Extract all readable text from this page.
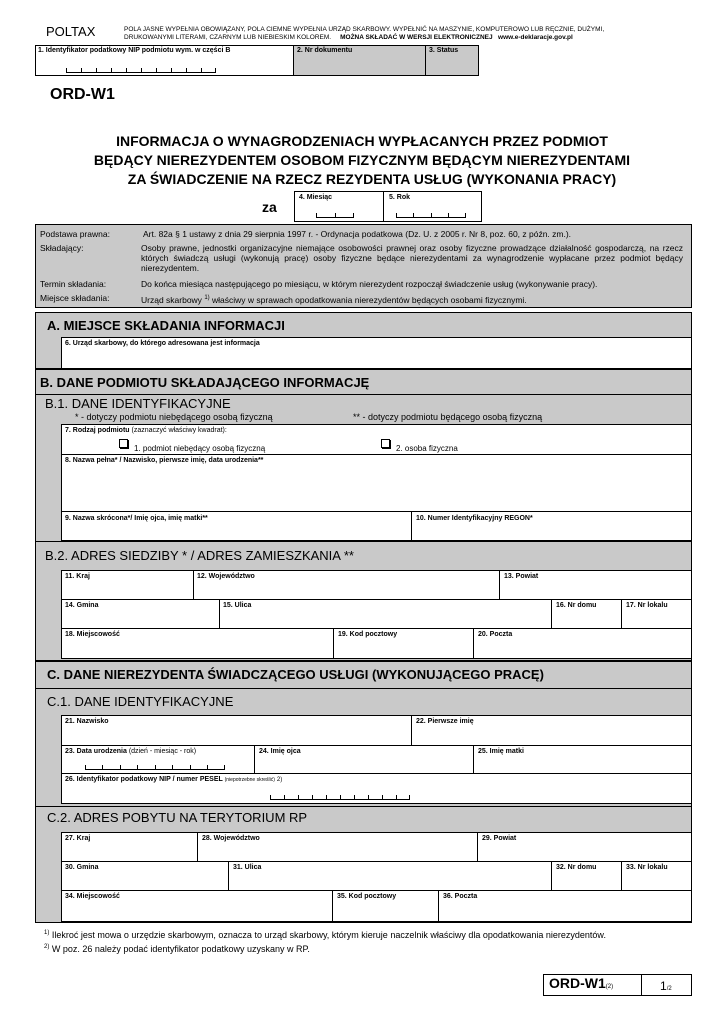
POLTAX	POLA JASNE WYPEŁNIA OBOWIĄZANY, POLA CIEMNE WYPEŁNIA URZĄD SKARBOWY. WYPEŁNIĆ NA MASZYNIE, KOMPUTEROWO LUB RĘCZNIE, DUŻYMI,
DRUKOWANYMI LITERAMI, CZARNYM LUB NIEBIESKIM KOLOREM. MOŻNA SKŁADAĆ W WERSJI ELEKTRONICZNEJ www.e-deklaracje.gov.pl
1. Identyfikator podatkowy NIP podmiotu wym. w części B	2. Nr dokumentu	3. Status
ORD-W1
INFORMACJA O WYNAGRODZENIACH WYPŁACANYCH PRZEZ PODMIOT
BĘDĄCY NIEREZYDENTEM OSOBOM FIZYCZNYM BĘDĄCYM NIEREZYDENTAMI
ZA ŚWIADCZENIE NA RZECZ REZYDENTA USŁUG (WYKONANIA PRACY)
za
4. Miesiąc	5. Rok
Podstawa prawna:	Art. 82a § 1 ustawy z dnia 29 sierpnia 1997 r. - Ordynacja podatkowa (Dz. U. z 2005 r. Nr 8, poz. 60, z późn. zm.).
Składający:	Osoby prawne, jednostki organizacyjne niemające osobowości prawnej oraz osoby fizyczne prowadzące działalność gospodarczą, na rzecz których świadczą usługi (wykonują pracę) osoby fizyczne będące nierezydentami za wynagrodzenie wypłacane przez podmiot będący nierezydentem.
Termin składania:	Do końca miesiąca następującego po miesiącu, w którym nierezydent rozpoczął świadczenie usług (wykonywanie pracy).
Miejsce składania:	Urząd skarbowy $^{1)}$ właściwy w sprawach opodatkowania nierezydentów będących osobami fizycznymi.
A. MIEJSCE SKŁADANIA INFORMACJI
6. Urząd skarbowy, do którego adresowana jest informacja
B. DANE PODMIOTU SKŁADAJĄCEGO INFORMACJĘ
B.1. DANE IDENTYFIKACYJNE
* - dotyczy podmiotu niebędącego osobą fizyczną	** - dotyczy podmiotu będącego osobą fizyczną
7. Rodzaj podmiotu (zaznaczyć właściwy kwadrat):
1. podmiot niebędący osobą fizyczną	2. osoba fizyczna
8. Nazwa pełna* / Nazwisko, pierwsze imię, data urodzenia**
9. Nazwa skrócona*/ Imię ojca, imię matki**	10. Numer Identyfikacyjny REGON*
B.2. ADRES SIEDZIBY * / ADRES ZAMIESZKANIA **
11. Kraj	12. Województwo	13. Powiat
14. Gmina	15. Ulica	16. Nr domu	17. Nr lokalu
18. Miejscowość	19. Kod pocztowy	20. Poczta
C. DANE NIEREZYDENTA ŚWIADCZĄCEGO USŁUGI (WYKONUJĄCEGO PRACĘ)
C.1. DANE IDENTYFIKACYJNE
21. Nazwisko	22. Pierwsze imię
23. Data urodzenia (dzień - miesiąc - rok)	24. Imię ojca	25. Imię matki
26. Identyfikator podatkowy NIP / numer PESEL $^{(niepotrzebne skreślić)}$ 2)
C.2. ADRES POBYTU NA TERYTORIUM RP
27. Kraj	28. Województwo	29. Powiat
30. Gmina	31. Ulica	32. Nr domu	33. Nr lokalu
34. Miejscowość	35. Kod pocztowy	36. Poczta
$^{1)}$ Ilekroć jest mowa o urzędzie skarbowym, oznacza to urząd skarbowy, którym kieruje naczelnik właściwy dla opodatkowania nierezydentów.
$^{2)}$ W poz. 26 należy podać identyfikator podatkowy uzyskany w RP.
ORD-W1(2)	1/2
